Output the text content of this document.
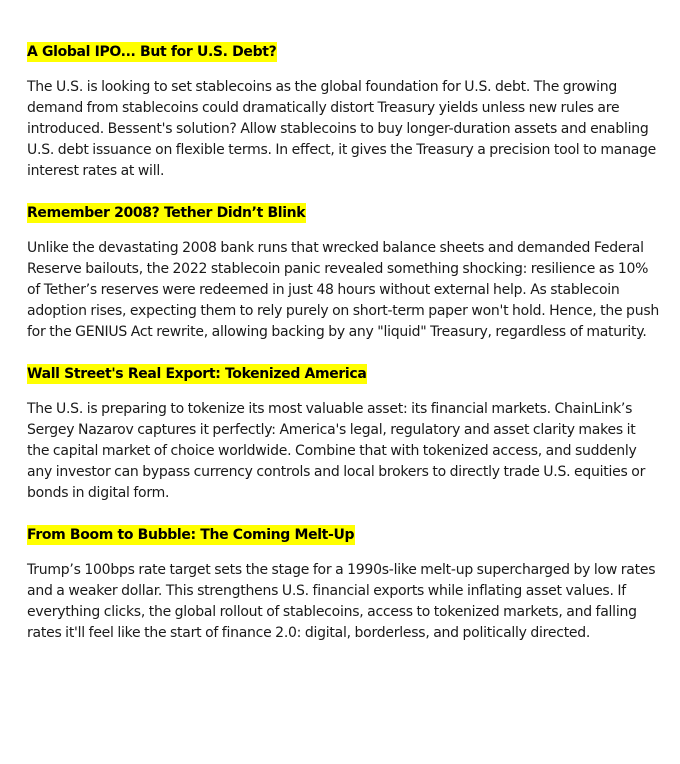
A Global IPO... But for U.S. Debt?

The U.S. is looking to set stablecoins as the global foundation for U.S. debt. The growing demand from stablecoins could dramatically distort Treasury yields unless new rules are introduced. Bessent's solution? Allow stablecoins to buy longer-duration assets and enabling U.S. debt issuance on flexible terms. In effect, it gives the Treasury a precision tool to manage interest rates at will.

Remember 2008? Tether Didn’t Blink

Unlike the devastating 2008 bank runs that wrecked balance sheets and demanded Federal Reserve bailouts, the 2022 stablecoin panic revealed something shocking: resilience as 10% of Tether’s reserves were redeemed in just 48 hours without external help. As stablecoin adoption rises, expecting them to rely purely on short-term paper won't hold. Hence, the push for the GENIUS Act rewrite, allowing backing by any "liquid" Treasury, regardless of maturity.

Wall Street's Real Export: Tokenized America

The U.S. is preparing to tokenize its most valuable asset: its financial markets. ChainLink’s Sergey Nazarov captures it perfectly: America's legal, regulatory and asset clarity makes it the capital market of choice worldwide. Combine that with tokenized access, and suddenly any investor can bypass currency controls and local brokers to directly trade U.S. equities or bonds in digital form.

From Boom to Bubble: The Coming Melt-Up

Trump’s 100bps rate target sets the stage for a 1990s-like melt-up supercharged by low rates and a weaker dollar. This strengthens U.S. financial exports while inflating asset values. If everything clicks, the global rollout of stablecoins, access to tokenized markets, and falling rates it'll feel like the start of finance 2.0: digital, borderless, and politically directed.
